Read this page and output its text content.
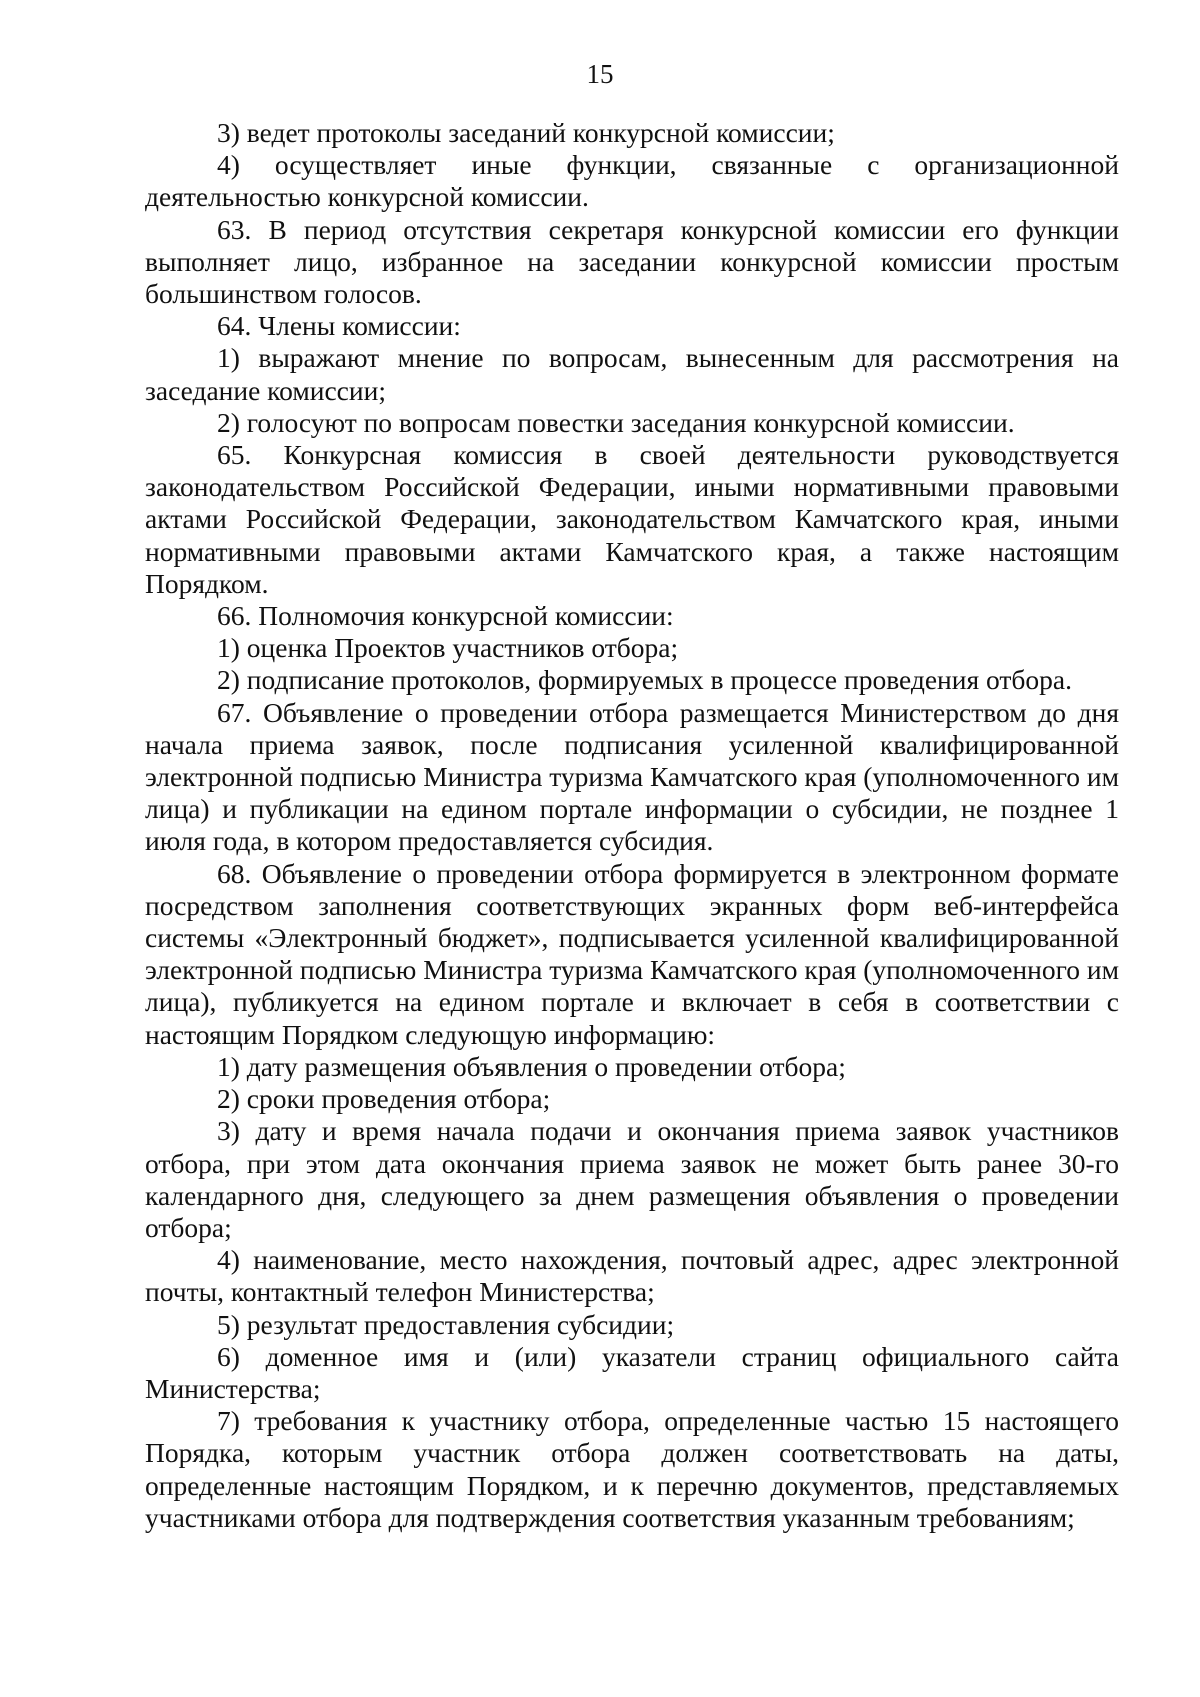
15

3) ведет протоколы заседаний конкурсной комиссии;

4) осуществляет иные функции, связанные с организационной деятельностью конкурсной комиссии.

63. В период отсутствия секретаря конкурсной комиссии его функции выполняет лицо, избранное на заседании конкурсной комиссии простым большинством голосов.

64. Члены комиссии:

1) выражают мнение по вопросам, вынесенным для рассмотрения на заседание комиссии;

2) голосуют по вопросам повестки заседания конкурсной комиссии.

65. Конкурсная комиссия в своей деятельности руководствуется законодательством Российской Федерации, иными нормативными правовыми актами Российской Федерации, законодательством Камчатского края, иными нормативными правовыми актами Камчатского края, а также настоящим Порядком.

66. Полномочия конкурсной комиссии:

1) оценка Проектов участников отбора;

2) подписание протоколов, формируемых в процессе проведения отбора.

67. Объявление о проведении отбора размещается Министерством до дня начала приема заявок, после подписания усиленной квалифицированной электронной подписью Министра туризма Камчатского края (уполномоченного им лица) и публикации на едином портале информации о субсидии, не позднее 1 июля года, в котором предоставляется субсидия.

68. Объявление о проведении отбора формируется в электронном формате посредством заполнения соответствующих экранных форм веб-интерфейса системы «Электронный бюджет», подписывается усиленной квалифицированной электронной подписью Министра туризма Камчатского края (уполномоченного им лица), публикуется на едином портале и включает в себя в соответствии с настоящим Порядком следующую информацию:

1) дату размещения объявления о проведении отбора;

2) сроки проведения отбора;

3) дату и время начала подачи и окончания приема заявок участников отбора, при этом дата окончания приема заявок не может быть ранее 30-го календарного дня, следующего за днем размещения объявления о проведении отбора;

4) наименование, место нахождения, почтовый адрес, адрес электронной почты, контактный телефон Министерства;

5) результат предоставления субсидии;

6) доменное имя и (или) указатели страниц официального сайта Министерства;

7) требования к участнику отбора, определенные частью 15 настоящего Порядка, которым участник отбора должен соответствовать на даты, определенные настоящим Порядком, и к перечню документов, представляемых участниками отбора для подтверждения соответствия указанным требованиям;
